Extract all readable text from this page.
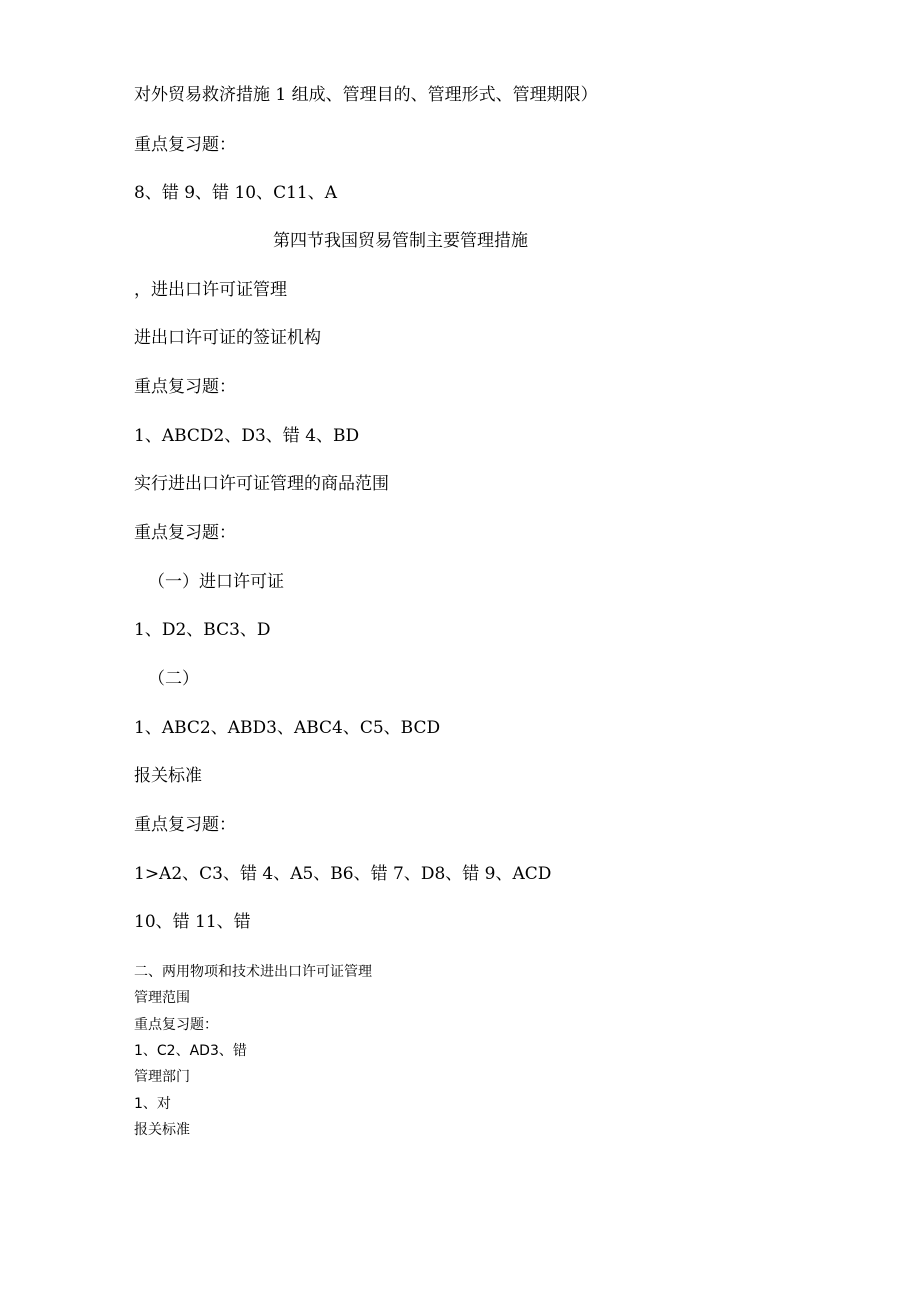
对外贸易救济措施 1 组成、管理目的、管理形式、管理期限）
重点复习题：
8、错 9、错 10、C11、A
第四节我国贸易管制主要管理措施
，进出口许可证管理
进出口许可证的签证机构
重点复习题：
1、ABCD2、D3、错 4、BD
实行进出口许可证管理的商品范围
重点复习题：
（一）进口许可证
1、D2、BC3、D
（二）
1、ABC2、ABD3、ABC4、C5、BCD
报关标准
重点复习题：
1>A2、C3、错 4、A5、B6、错 7、D8、错 9、ACD
10、错 11、错
二、两用物项和技术进出口许可证管理
管理范围
重点复习题：
1、C2、AD3、错
管理部门
1、对
报关标准
